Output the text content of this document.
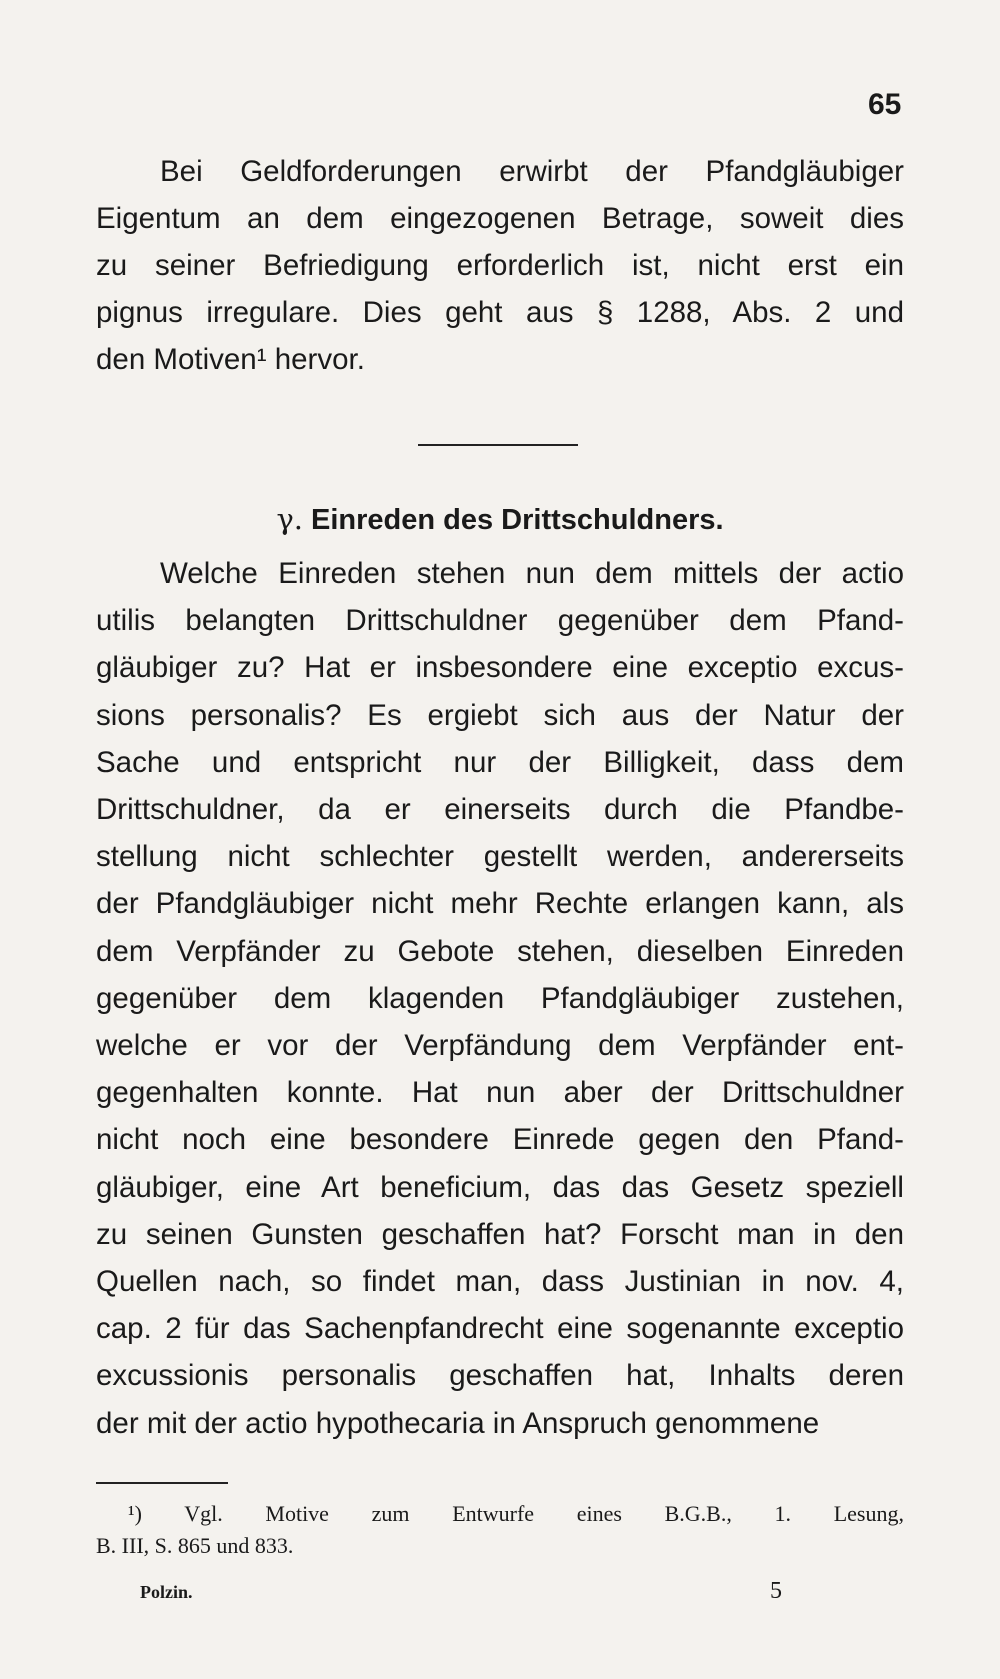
65
Bei Geldforderungen erwirbt der Pfandgläubiger
Eigentum an dem eingezogenen Betrage, soweit dies
zu seiner Befriedigung erforderlich ist, nicht erst ein
pignus irregulare. Dies geht aus § 1288, Abs. 2 und
den Motiven¹ hervor.
γ. Einreden des Drittschuldners.
Welche Einreden stehen nun dem mittels der actio
utilis belangten Drittschuldner gegenüber dem Pfand-
gläubiger zu? Hat er insbesondere eine exceptio excus-
sions personalis? Es ergiebt sich aus der Natur der
Sache und entspricht nur der Billigkeit, dass dem
Drittschuldner, da er einerseits durch die Pfandbe-
stellung nicht schlechter gestellt werden, andererseits
der Pfandgläubiger nicht mehr Rechte erlangen kann, als
dem Verpfänder zu Gebote stehen, dieselben Einreden
gegenüber dem klagenden Pfandgläubiger zustehen,
welche er vor der Verpfändung dem Verpfänder ent-
gegenhalten konnte. Hat nun aber der Drittschuldner
nicht noch eine besondere Einrede gegen den Pfand-
gläubiger, eine Art beneficium, das das Gesetz speziell
zu seinen Gunsten geschaffen hat? Forscht man in den
Quellen nach, so findet man, dass Justinian in nov. 4,
cap. 2 für das Sachenpfandrecht eine sogenannte exceptio
excussionis personalis geschaffen hat, Inhalts deren
der mit der actio hypothecaria in Anspruch genommene
¹) Vgl. Motive zum Entwurfe eines B.G.B., 1. Lesung,
B. III, S. 865 und 833.
Polzin.	5
